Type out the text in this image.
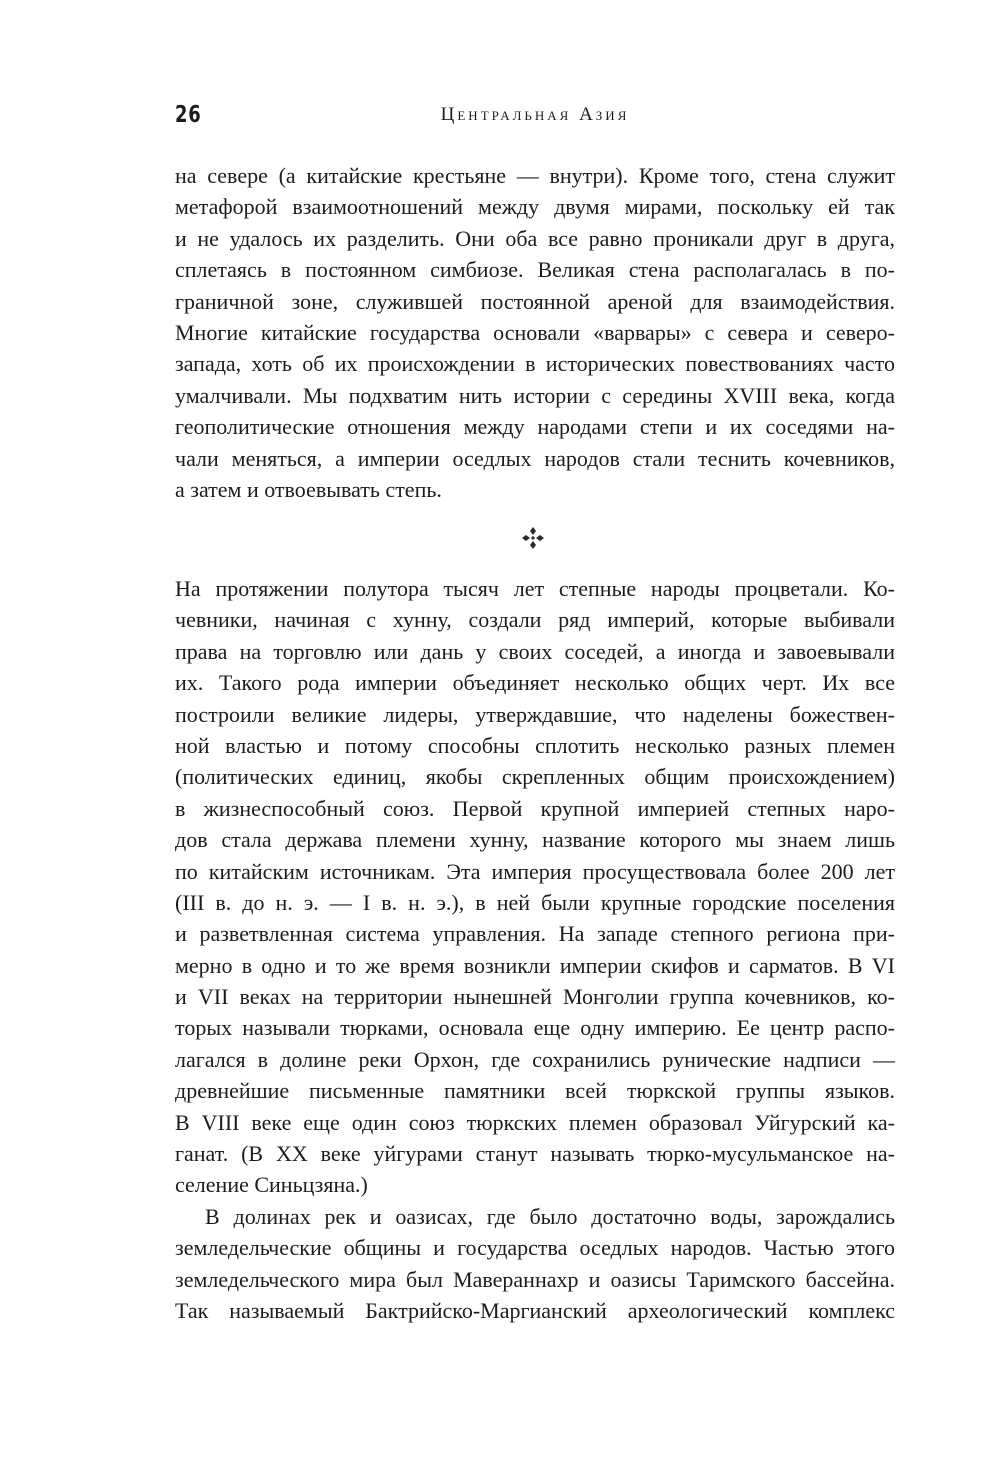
26	Центральная Азия
на севере (а китайские крестьяне — внутри). Кроме того, стена служит
метафорой взаимоотношений между двумя мирами, поскольку ей так
и не удалось их разделить. Они оба все равно проникали друг в друга,
сплетаясь в постоянном симбиозе. Великая стена располагалась в по-
граничной зоне, служившей постоянной ареной для взаимодействия.
Многие китайские государства основали «варвары» с севера и северо-
запада, хоть об их происхождении в исторических повествованиях часто
умалчивали. Мы подхватим нить истории с середины XVIII века, когда
геополитические отношения между народами степи и их соседями на-
чали меняться, а империи оседлых народов стали теснить кочевников,
а затем и отвоевывать степь.
На протяжении полутора тысяч лет степные народы процветали. Ко-
чевники, начиная с хунну, создали ряд империй, которые выбивали
права на торговлю или дань у своих соседей, а иногда и завоевывали
их. Такого рода империи объединяет несколько общих черт. Их все
построили великие лидеры, утверждавшие, что наделены божествен-
ной властью и потому способны сплотить несколько разных племен
(политических единиц, якобы скрепленных общим происхождением)
в жизнеспособный союз. Первой крупной империей степных наро-
дов стала держава племени хунну, название которого мы знаем лишь
по китайским источникам. Эта империя просуществовала более 200 лет
(III в. до н. э. — I в. н. э.), в ней были крупные городские поселения
и разветвленная система управления. На западе степного региона при-
мерно в одно и то же время возникли империи скифов и сарматов. В VI
и VII веках на территории нынешней Монголии группа кочевников, ко-
торых называли тюрками, основала еще одну империю. Ее центр распо-
лагался в долине реки Орхон, где сохранились рунические надписи —
древнейшие письменные памятники всей тюркской группы языков.
В VIII веке еще один союз тюркских племен образовал Уйгурский ка-
ганат. (В XX веке уйгурами станут называть тюрко-мусульманское на-
селение Синьцзяна.)
В долинах рек и оазисах, где было достаточно воды, зарождались
земледельческие общины и государства оседлых народов. Частью этого
земледельческого мира был Мавераннахр и оазисы Таримского бассейна.
Так называемый Бактрийско-Маргианский археологический комплекс
